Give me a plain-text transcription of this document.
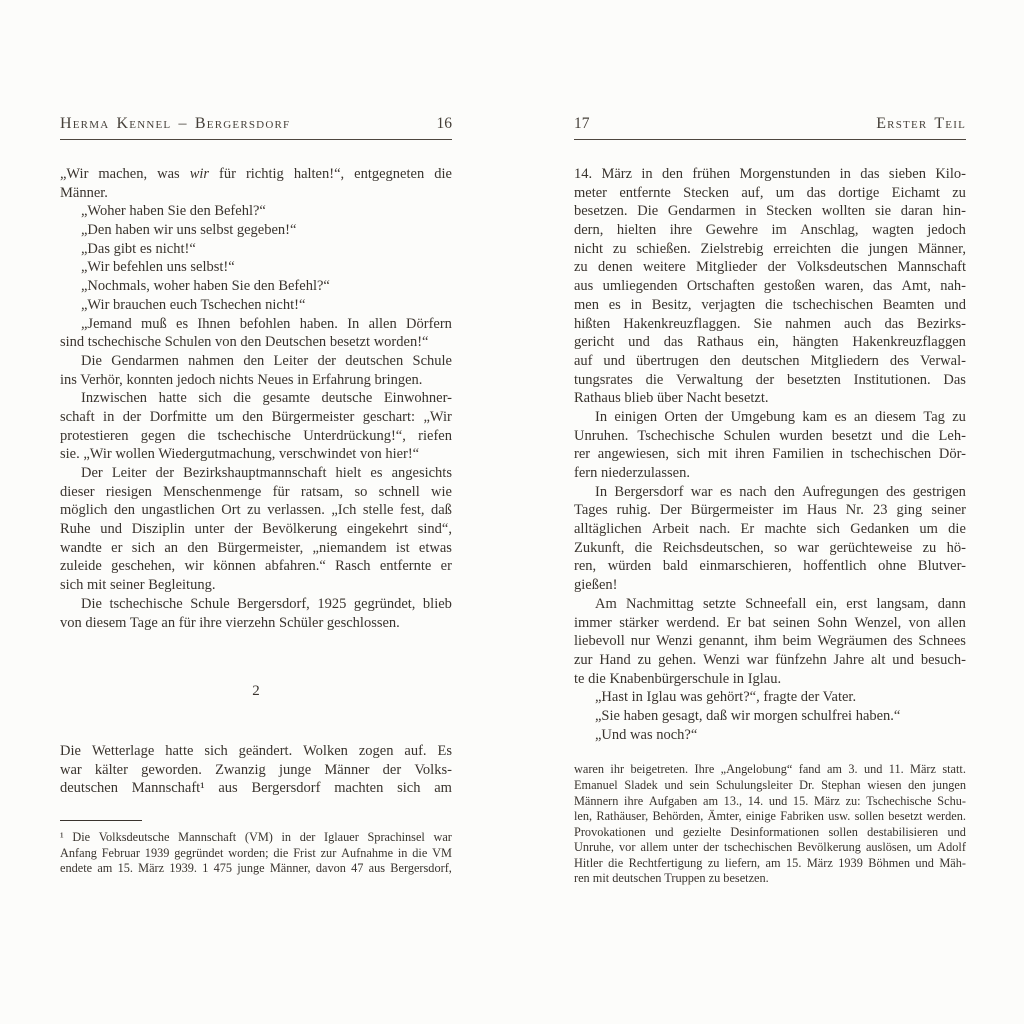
Herma Kennel – Bergersdorf	16
„Wir machen, was wir für richtig halten!“, entgegneten die
Männer.
„Woher haben Sie den Befehl?“
„Den haben wir uns selbst gegeben!“
„Das gibt es nicht!“
„Wir befehlen uns selbst!“
„Nochmals, woher haben Sie den Befehl?“
„Wir brauchen euch Tschechen nicht!“
„Jemand muß es Ihnen befohlen haben. In allen Dörfern
sind tschechische Schulen von den Deutschen besetzt worden!“
Die Gendarmen nahmen den Leiter der deutschen Schule
ins Verhör, konnten jedoch nichts Neues in Erfahrung bringen.
Inzwischen hatte sich die gesamte deutsche Einwohner-
schaft in der Dorfmitte um den Bürgermeister geschart: „Wir
protestieren gegen die tschechische Unterdrückung!“, riefen
sie. „Wir wollen Wiedergutmachung, verschwindet von hier!“
Der Leiter der Bezirkshauptmannschaft hielt es angesichts
dieser riesigen Menschenmenge für ratsam, so schnell wie
möglich den ungastlichen Ort zu verlassen. „Ich stelle fest, daß
Ruhe und Disziplin unter der Bevölkerung eingekehrt sind“,
wandte er sich an den Bürgermeister, „niemandem ist etwas
zuleide geschehen, wir können abfahren.“ Rasch entfernte er
sich mit seiner Begleitung.
Die tschechische Schule Bergersdorf, 1925 gegründet, blieb
von diesem Tage an für ihre vierzehn Schüler geschlossen.
2
Die Wetterlage hatte sich geändert. Wolken zogen auf. Es
war kälter geworden. Zwanzig junge Männer der Volks-
deutschen Mannschaft¹ aus Bergersdorf machten sich am
¹ Die Volksdeutsche Mannschaft (VM) in der Iglauer Sprachinsel war
Anfang Februar 1939 gegründet worden; die Frist zur Aufnahme in die VM
endete am 15. März 1939. 1 475 junge Männer, davon 47 aus Bergersdorf,
17	Erster Teil
14. März in den frühen Morgenstunden in das sieben Kilo-
meter entfernte Stecken auf, um das dortige Eichamt zu
besetzen. Die Gendarmen in Stecken wollten sie daran hin-
dern, hielten ihre Gewehre im Anschlag, wagten jedoch
nicht zu schießen. Zielstrebig erreichten die jungen Männer,
zu denen weitere Mitglieder der Volksdeutschen Mannschaft
aus umliegenden Ortschaften gestoßen waren, das Amt, nah-
men es in Besitz, verjagten die tschechischen Beamten und
hißten Hakenkreuzflaggen. Sie nahmen auch das Bezirks-
gericht und das Rathaus ein, hängten Hakenkreuzflaggen
auf und übertrugen den deutschen Mitgliedern des Verwal-
tungsrates die Verwaltung der besetzten Institutionen. Das
Rathaus blieb über Nacht besetzt.
In einigen Orten der Umgebung kam es an diesem Tag zu
Unruhen. Tschechische Schulen wurden besetzt und die Leh-
rer angewiesen, sich mit ihren Familien in tschechischen Dör-
fern niederzulassen.
In Bergersdorf war es nach den Aufregungen des gestrigen
Tages ruhig. Der Bürgermeister im Haus Nr. 23 ging seiner
alltäglichen Arbeit nach. Er machte sich Gedanken um die
Zukunft, die Reichsdeutschen, so war gerüchteweise zu hö-
ren, würden bald einmarschieren, hoffentlich ohne Blutver-
gießen!
Am Nachmittag setzte Schneefall ein, erst langsam, dann
immer stärker werdend. Er bat seinen Sohn Wenzel, von allen
liebevoll nur Wenzi genannt, ihm beim Wegräumen des Schnees
zur Hand zu gehen. Wenzi war fünfzehn Jahre alt und besuch-
te die Knabenbürgerschule in Iglau.
„Hast in Iglau was gehört?“, fragte der Vater.
„Sie haben gesagt, daß wir morgen schulfrei haben.“
„Und was noch?“
waren ihr beigetreten. Ihre „Angelobung“ fand am 3. und 11. März statt.
Emanuel Sladek und sein Schulungsleiter Dr. Stephan wiesen den jungen
Männern ihre Aufgaben am 13., 14. und 15. März zu: Tschechische Schu-
len, Rathäuser, Behörden, Ämter, einige Fabriken usw. sollen besetzt werden.
Provokationen und gezielte Desinformationen sollen destabilisieren und
Unruhe, vor allem unter der tschechischen Bevölkerung auslösen, um Adolf
Hitler die Rechtfertigung zu liefern, am 15. März 1939 Böhmen und Mäh-
ren mit deutschen Truppen zu besetzen.
